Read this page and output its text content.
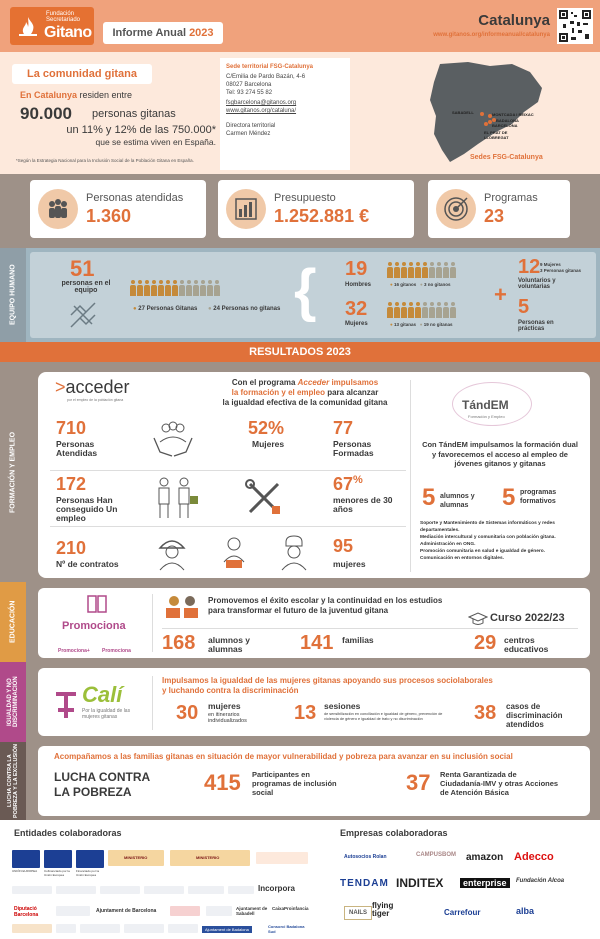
Fundación Secretariado
Gitano	Informe Anual 2023
Catalunya
www.gitanos.org/informeanual/catalunya
La comunidad gitana
En Catalunya residen entre
90.000 personas gitanas
un 11% y 12% de las 750.000*
que se estima viven en España.
*Según la Estrategia Nacional para la Inclusión Social de la Población Gitana en España.
Sede territorial FSG-Catalunya
C/Emilia de Pardo Bazán, 4-6
08027 Barcelona
Tel: 93 274 55 82
fsgbarcelona@gitanos.org
www.gitanos.org/cataluna/
Directora territorial
Carmen Méndez
SABADELL	MONTCADA I REIXAC
BADALONA
BARCELONA
EL PRAT DE LLOBREGAT
Sedes FSG-Catalunya
Personas atendidas
1.360
Presupuesto
1.252.881 €
Programas
23
EQUIPO HUMANO	51
personas en el equipo
● 27 Personas Gitanas ● 24 Personas no gitanas { 19
Hombres	● 16 gitanos ● 3 no gitanos
32
Mujeres	● 13 gitanas ● 19 no gitanas
+
12 9 Mujeres
3 Personas gitanas
Voluntarios y voluntarias
5
Personas en prácticas
RESULTADOS 2023
FORMACIÓN Y EMPLEO
>acceder
por el empleo de la población gitana
Con el programa Acceder impulsamos
la formación y el empleo para alcanzar
la igualdad efectiva de la comunidad gitana
710
Personas Atendidas
52%
Mujeres
77
Personas Formadas
172
Personas Han conseguido Un empleo
67%
menores de 30 años
210
Nº de contratos
95
mujeres
TándEM
Formación y Empleo
Con TándEM impulsamos la formación dual y favorecemos el acceso al empleo de jóvenes gitanos y gitanas
5 alumnos y alumnas	5 programas formativos
Soporte y Mantenimiento de Sistemas informáticos y redes departamentales.
Mediación intercultural y comunitaria con población gitana.
Administración en ONG.
Promoción comunitaria en salud e igualdad de género.
Comunicación en entornos digitales.
EDUCACIÓN	Promociona
Promociona+ Promociona
Promovemos el éxito escolar y la continuidad en los estudios
para transformar el futuro de la juventud gitana
Curso 2022/23
168 alumnos y alumnas	141 familias	29 centros educativos
IGUALDAD Y NO DISCRIMINACIÓN	Calí
Por la igualdad de las mujeres gitanas
Impulsamos la igualdad de las mujeres gitanas apoyando sus procesos sociolaborales
y luchando contra la discriminación
30 mujeres
en itinerarios individualizados	13 sesiones
de sensibilización en conciliación e igualdad de género, prevención de violencia de género e igualdad de trato y no discriminación	38 casos de discriminación atendidos
LUCHA CONTRA LA POBREZA Y LA EXCLUSIÓN	Acompañamos a las familias gitanas en situación de mayor vulnerabilidad y pobreza para avanzar en su inclusión social
LUCHA CONTRA LA POBREZA	415 Participantes en programas de inclusión social	37 Renta Garantizada de Ciudadanía-IMV y otras Acciones de Atención Básica
Entidades colaboradoras	Empresas colaboradoras
UNIÓN EUROPEA	Cofinanciado por la Unión Europea
Financiado por la Unión Europea
MINISTERIO	MINISTERIO
Incorpora
Diputació Barcelona
Ajuntament de Barcelona	Ajuntament de Sabadell
CaixaProinfancia
Ajuntament de Badalona
Consorci Badalona Sud
Autosocios Rolan	CAMPUSBOM amazon Adecco
TENDAM INDITEX	enterprise	Fundación Alcoa
NAILS
flying tiger	Carrefour	alba
